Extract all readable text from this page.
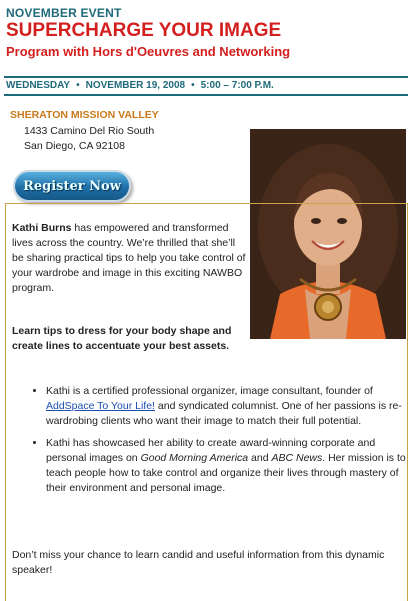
NOVEMBER EVENT
SUPERCHARGE YOUR IMAGE
Program with Hors d'Oeuvres and Networking
WEDNESDAY • NOVEMBER 19, 2008 • 5:00 – 7:00 P.M.
SHERATON MISSION VALLEY
1433 Camino Del Rio South
San Diego, CA 92108
Register Now
Kathi Burns has empowered and transformed lives across the country. We’re thrilled that she’ll be sharing practical tips to help you take control of your wardrobe and image in this exciting NAWBO program.
Learn tips to dress for your body shape and create lines to accentuate your best assets.
• Kathi is a certified professional organizer, image consultant, founder of AddSpace To Your Life! and syndicated columnist. One of her passions is re-wardrobing clients who want their image to match their full potential.
• Kathi has showcased her ability to create award-winning corporate and personal images on Good Morning America and ABC News. Her mission is to teach people how to take control and organize their lives through mastery of their environment and personal image.
Don’t miss your chance to learn candid and useful information from this dynamic speaker!
